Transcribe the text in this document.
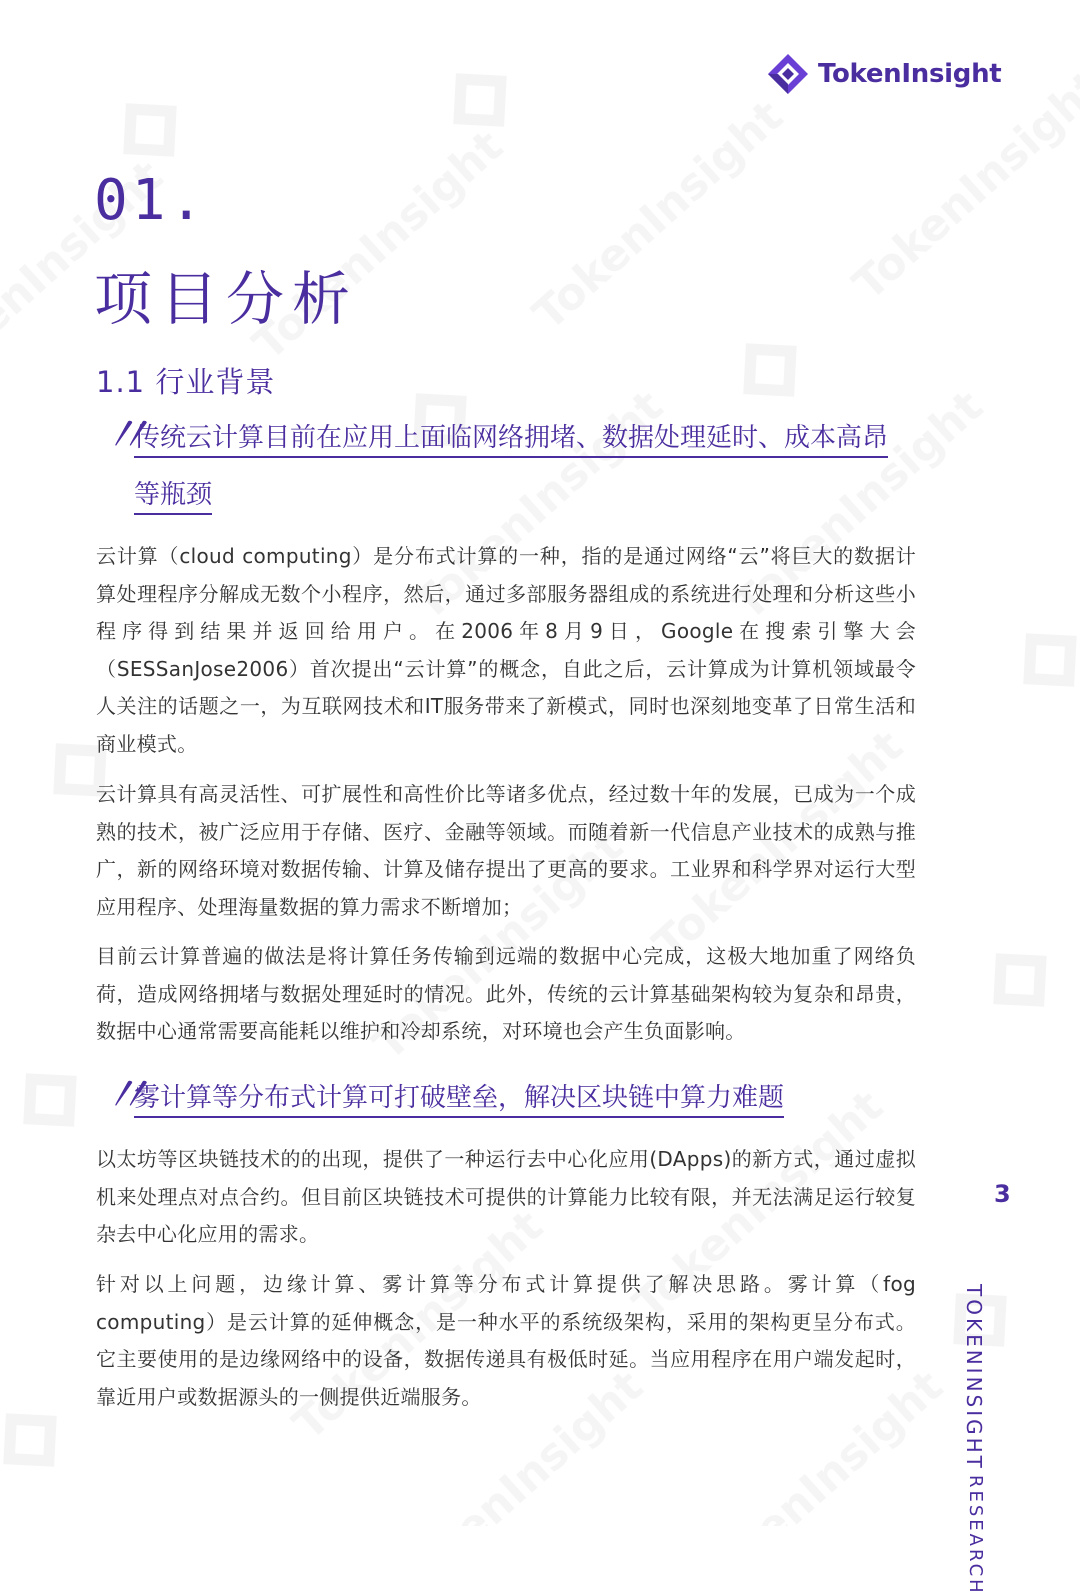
TokenInsight
01.
项目分析
1.1 行业背景
〃
传统云计算目前在应用上面临网络拥堵、数据处理延时、成本高昂等瓶颈

云计算（cloud computing）是分布式计算的一种，指的是通过网络“云”将巨大的数据计算处理程序分解成无数个小程序，然后，通过多部服务器组成的系统进行处理和分析这些小程序得到结果并返回给用户。在2006年8月9日，Google在搜索引擎大会（SESSanJose2006）首次提出“云计算”的概念，自此之后，云计算成为计算机领域最令人关注的话题之一，为互联网技术和IT服务带来了新模式，同时也深刻地变革了日常生活和商业模式。

云计算具有高灵活性、可扩展性和高性价比等诸多优点，经过数十年的发展，已成为一个成熟的技术，被广泛应用于存储、医疗、金融等领域。而随着新一代信息产业技术的成熟与推广，新的网络环境对数据传输、计算及储存提出了更高的要求。工业界和科学界对运行大型应用程序、处理海量数据的算力需求不断增加；

目前云计算普遍的做法是将计算任务传输到远端的数据中心完成，这极大地加重了网络负荷，造成网络拥堵与数据处理延时的情况。此外，传统的云计算基础架构较为复杂和昂贵，数据中心通常需要高能耗以维护和冷却系统，对环境也会产生负面影响。

〃
雾计算等分布式计算可打破壁垒，解决区块链中算力难题

以太坊等区块链技术的的出现，提供了一种运行去中心化应用(DApps)的新方式，通过虚拟机来处理点对点合约。但目前区块链技术可提供的计算能力比较有限，并无法满足运行较复杂去中心化应用的需求。

针对以上问题，边缘计算、雾计算等分布式计算提供了解决思路。雾计算（fog computing）是云计算的延伸概念，是一种水平的系统级架构，采用的架构更呈分布式。它主要使用的是边缘网络中的设备，数据传递具有极低时延。当应用程序在用户端发起时，靠近用户或数据源头的一侧提供近端服务。

3
TOKENINSIGHT
RESEARCH
